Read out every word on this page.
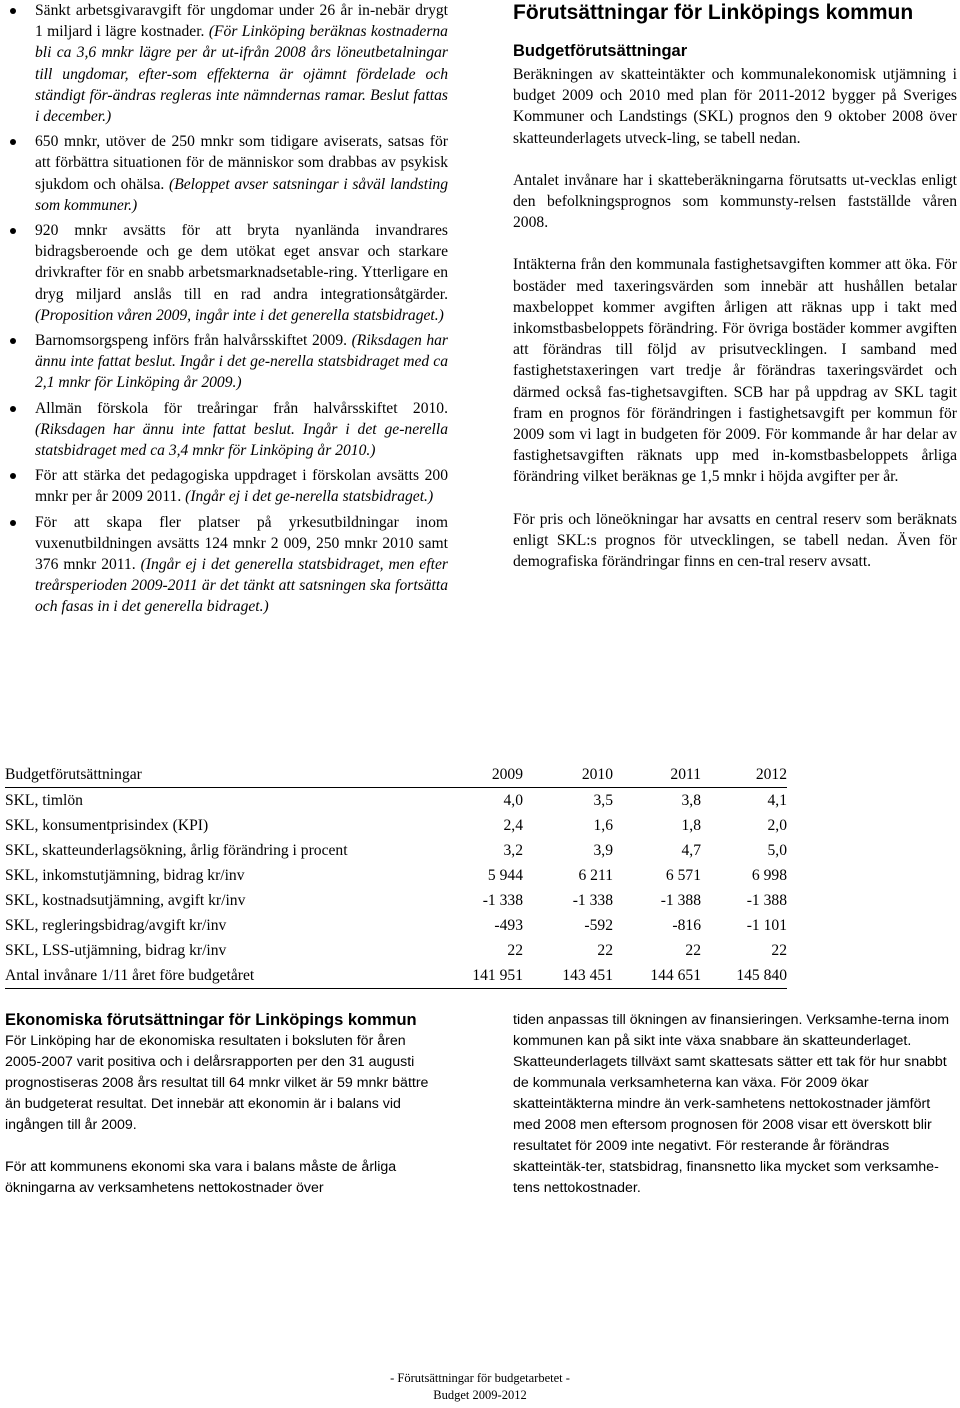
Sänkt arbetsgivaravgift för ungdomar under 26 år in-nebär drygt 1 miljard i lägre kostnader. (För Linköping beräknas kostnaderna bli ca 3,6 mnkr lägre per år ut-ifrån 2008 års löneutbetalningar till ungdomar, efter-som effekterna är ojämnt fördelade och ständigt för-ändras regleras inte nämndernas ramar. Beslut fattas i december.)
650 mnkr, utöver de 250 mnkr som tidigare aviserats, satsas för att förbättra situationen för de människor som drabbas av psykisk sjukdom och ohälsa. (Beloppet avser satsningar i såväl landsting som kommuner.)
920 mnkr avsätts för att bryta nyanlända invandrares bidragsberoende och ge dem utökat eget ansvar och starkare drivkrafter för en snabb arbetsmarknadsetable-ring. Ytterligare en dryg miljard anslås till en rad andra integrationsåtgärder. (Proposition våren 2009, ingår inte i det generella statsbidraget.)
Barnomsorgspeng införs från halvårsskiftet 2009. (Riksdagen har ännu inte fattat beslut. Ingår i det ge-nerella statsbidraget med ca 2,1 mnkr för Linköping år 2009.)
Allmän förskola för treåringar från halvårsskiftet 2010. (Riksdagen har ännu inte fattat beslut. Ingår i det ge-nerella statsbidraget med ca 3,4 mnkr för Linköping år 2010.)
För att stärka det pedagogiska uppdraget i förskolan avsätts 200 mnkr per år 2009 2011. (Ingår ej i det ge-nerella statsbidraget.)
För att skapa fler platser på yrkesutbildningar inom vuxenutbildningen avsätts 124 mnkr 2 009, 250 mnkr 2010 samt 376 mnkr 2011. (Ingår ej i det generella statsbidraget, men efter treårsperioden 2009-2011 är det tänkt att satsningen ska fortsätta och fasas in i det generella bidraget.)
Förutsättningar för Linköpings kommun
Budgetförutsättningar

Beräkningen av skatteintäkter och kommunalekonomisk utjämning i budget 2009 och 2010 med plan för 2011-2012 bygger på Sveriges Kommuner och Landstings (SKL) prognos den 9 oktober 2008 över skatteunderlagets utveck-ling, se tabell nedan.

Antalet invånare har i skatteberäkningarna förutsatts ut-vecklas enligt den befolkningsprognos som kommunsty-relsen fastställde våren 2008.

Intäkterna från den kommunala fastighetsavgiften kommer att öka. För bostäder med taxeringsvärden som innebär att hushållen betalar maxbeloppet kommer avgiften årligen att räknas upp i takt med inkomstbasbeloppets förändring. För övriga bostäder kommer avgiften att förändras till följd av prisutvecklingen. I samband med fastighetstaxeringen vart tredje år förändras taxeringsvärdet och därmed också fas-tighetsavgiften. SCB har på uppdrag av SKL tagit fram en prognos för förändringen i fastighetsavgift per kommun för 2009 som vi lagt in budgeten för 2009. För kommande år har delar av fastighetsavgiften räknats upp med in-komstbasbeloppets årliga förändring vilket beräknas ge 1,5 mnkr i höjda avgifter per år.

För pris och löneökningar har avsatts en central reserv som beräknats enligt SKL:s prognos för utvecklingen, se tabell nedan. Även för demografiska förändringar finns en cen-tral reserv avsatt.

Budgetförutsättningar	2009	2010	2011	2012
SKL, timlön	4,0	3,5	3,8	4,1
SKL, konsumentprisindex (KPI)	2,4	1,6	1,8	2,0
SKL, skatteunderlagsökning, årlig förändring i procent	3,2	3,9	4,7	5,0
SKL, inkomstutjämning, bidrag kr/inv	5 944	6 211	6 571	6 998
SKL, kostnadsutjämning, avgift kr/inv	-1 338	-1 338	-1 388	-1 388
SKL, regleringsbidrag/avgift kr/inv	-493	-592	-816	-1 101
SKL, LSS-utjämning, bidrag kr/inv	22	22	22	22
Antal invånare 1/11 året före budgetåret	141 951	143 451	144 651	145 840
Ekonomiska förutsättningar för Linköpings kommun

För Linköping har de ekonomiska resultaten i boksluten för åren 2005-2007 varit positiva och i delårsrapporten per den 31 augusti prognostiseras 2008 års resultat till 64 mnkr vilket är 59 mnkr bättre än budgeterat resultat. Det innebär att ekonomin är i balans vid ingången till år 2009.

För att kommunens ekonomi ska vara i balans måste de årliga ökningarna av verksamhetens nettokostnader över

tiden anpassas till ökningen av finansieringen. Verksamhe-terna inom kommunen kan på sikt inte växa snabbare än skatteunderlaget. Skatteunderlagets tillväxt samt skattesats sätter ett tak för hur snabbt de kommunala verksamheterna kan växa. För 2009 ökar skatteintäkterna mindre än verk-samhetens nettokostnader jämfört med 2008 men eftersom prognosen för 2008 visar ett överskott blir resultatet för 2009 inte negativt. För resterande år förändras skatteintäk-ter, statsbidrag, finansnetto lika mycket som verksamhe-tens nettokostnader.

- Förutsättningar för budgetarbetet -
Budget 2009-2012
